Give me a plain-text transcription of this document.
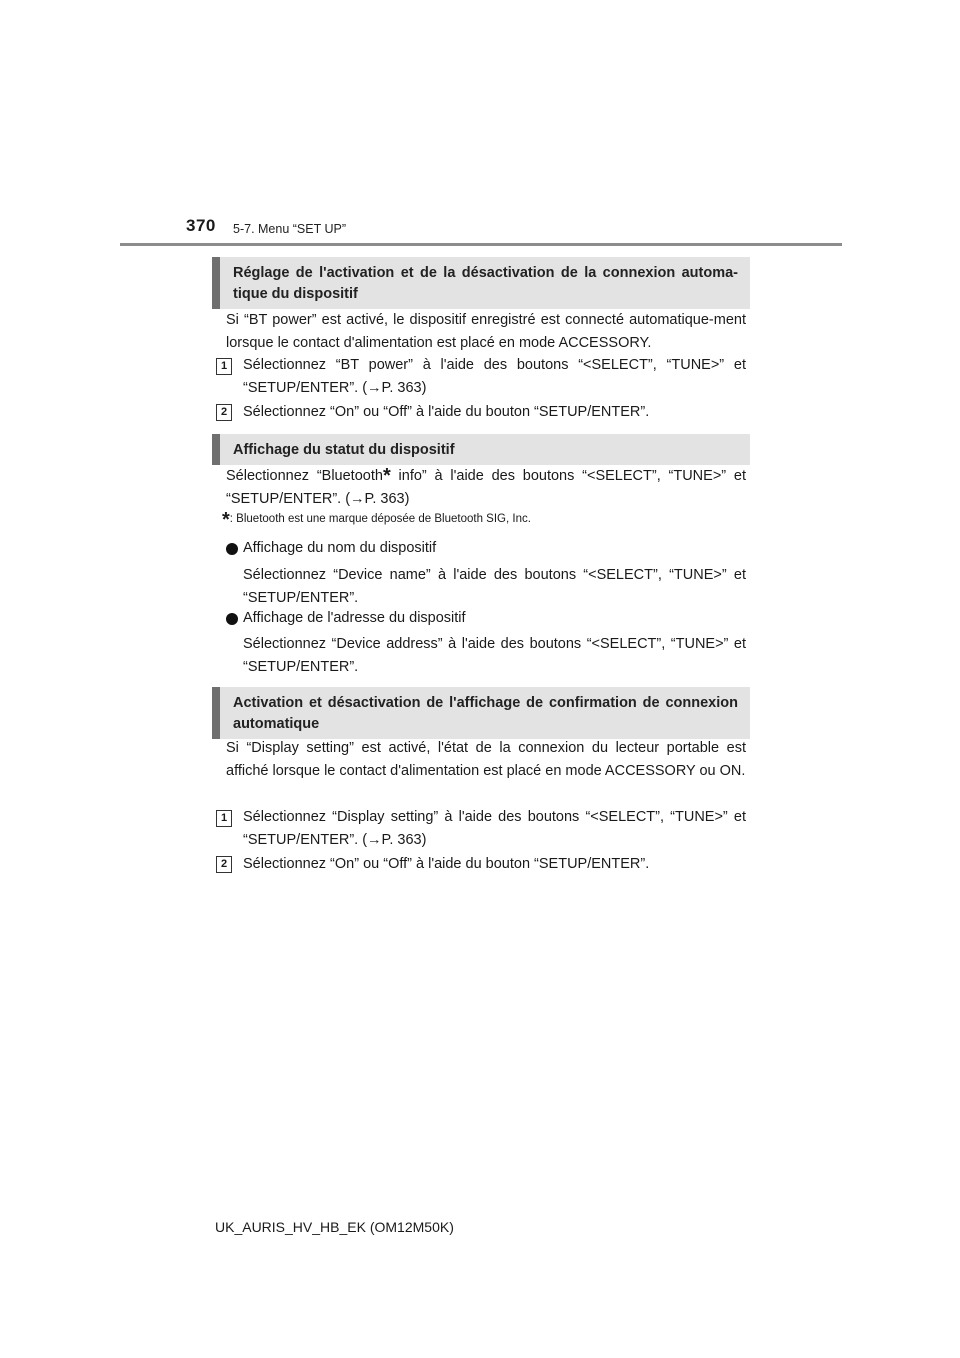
370 5-7. Menu “SET UP”
Réglage de l'activation et de la désactivation de la connexion automa-tique du dispositif
Si “BT power” est activé, le dispositif enregistré est connecté automatique-ment lorsque le contact d'alimentation est placé en mode ACCESSORY.
1	Sélectionnez “BT power” à l'aide des boutons “<SELECT”, “TUNE>” et “SETUP/ENTER”. (→P. 363)
2	Sélectionnez “On” ou “Off” à l'aide du bouton “SETUP/ENTER”.
Affichage du statut du dispositif
Sélectionnez “Bluetooth* info” à l'aide des boutons “<SELECT”, “TUNE>” et “SETUP/ENTER”. (→P. 363)
*: Bluetooth est une marque déposée de Bluetooth SIG, Inc.
Affichage du nom du dispositif
Sélectionnez “Device name” à l'aide des boutons “<SELECT”, “TUNE>” et “SETUP/ENTER”.
Affichage de l'adresse du dispositif
Sélectionnez “Device address” à l'aide des boutons “<SELECT”, “TUNE>” et “SETUP/ENTER”.
Activation et désactivation de l'affichage de confirmation de connexion automatique
Si “Display setting” est activé, l'état de la connexion du lecteur portable est affiché lorsque le contact d'alimentation est placé en mode ACCESSORY ou ON.
1	Sélectionnez “Display setting” à l'aide des boutons “<SELECT”, “TUNE>” et “SETUP/ENTER”. (→P. 363)
2	Sélectionnez “On” ou “Off” à l'aide du bouton “SETUP/ENTER”.
UK_AURIS_HV_HB_EK (OM12M50K)
